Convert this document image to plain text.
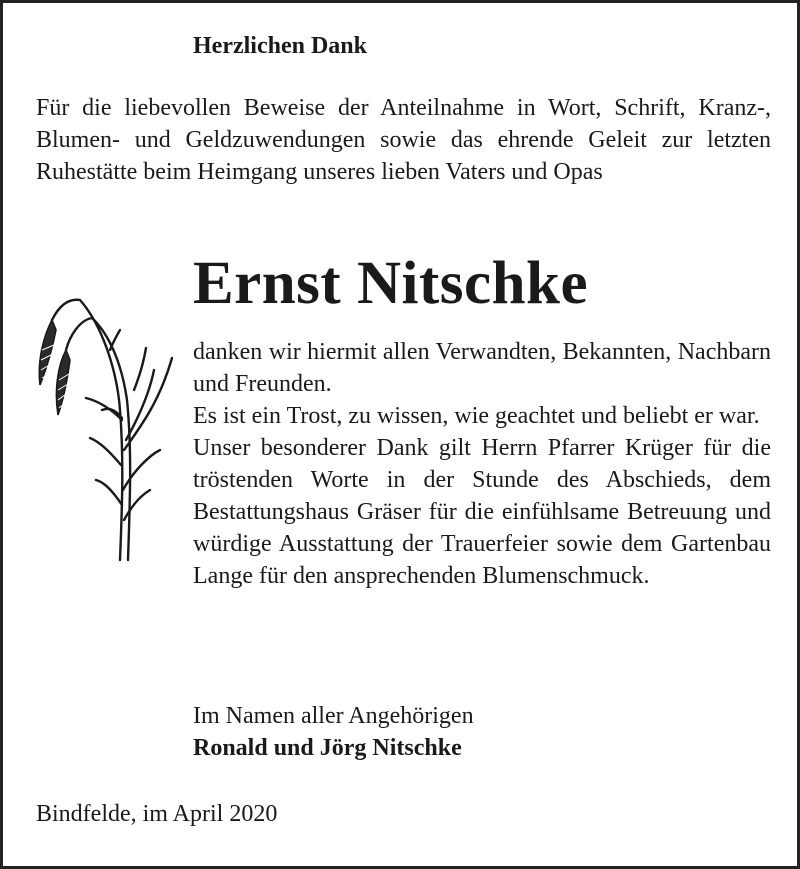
Herzlichen Dank
Für die liebevollen Beweise der Anteilnahme in Wort, Schrift, Kranz-, Blumen- und Geldzuwendungen sowie das ehrende Geleit zur letzten Ruhestätte beim Heimgang unseres lieben Vaters und Opas
Ernst Nitschke

danken wir hiermit allen Verwandten, Bekannten, Nachbarn und Freunden.

Es ist ein Trost, zu wissen, wie geachtet und beliebt er war.

Unser besonderer Dank gilt Herrn Pfarrer Krüger für die tröstenden Worte in der Stunde des Abschieds, dem Bestattungshaus Gräser für die einfühlsame Betreuung und würdige Ausstattung der Trauerfeier sowie dem Gartenbau Lange für den ansprechenden Blumenschmuck.

Im Namen aller Angehörigen
Ronald und Jörg Nitschke
Bindfelde, im April 2020
